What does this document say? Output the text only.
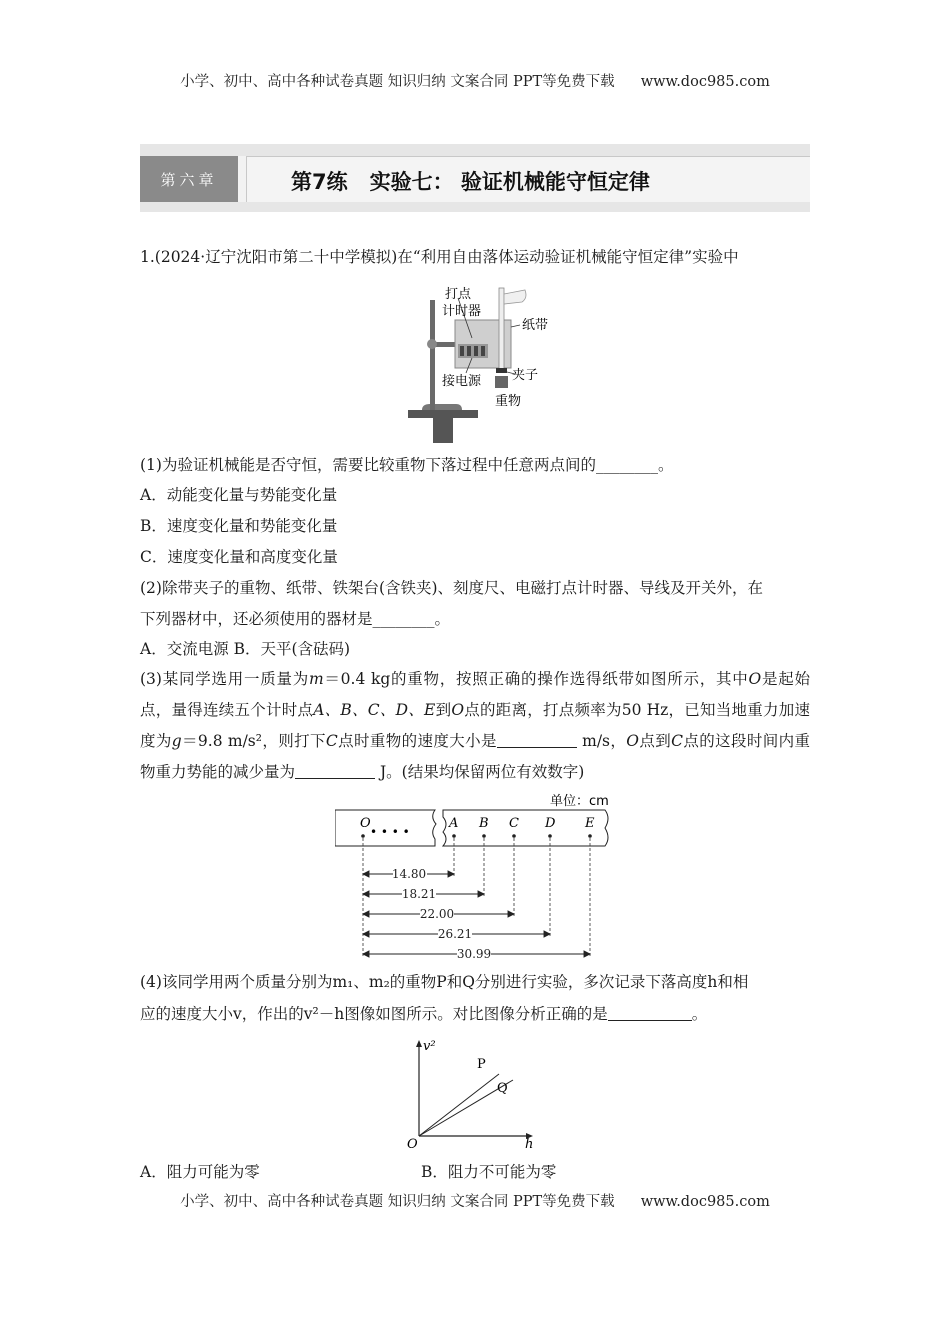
小学、初中、高中各种试卷真题 知识归纳 文案合同 PPT等免费下载 www.doc985.com
第六章	第7练 实验七： 验证机械能守恒定律
1.(2024·辽宁沈阳市第二十中学模拟)在“利用自由落体运动验证机械能守恒定律”实验中
打点
计时器
纸带
接电源 夹子
重物
(1)为验证机械能是否守恒，需要比较重物下落过程中任意两点间的________。
A．动能变化量与势能变化量
B．速度变化量和势能变化量
C．速度变化量和高度变化量
(2)除带夹子的重物、纸带、铁架台(含铁夹)、刻度尺、电磁打点计时器、导线及开关外，在
下列器材中，还必须使用的器材是________。
A．交流电源 B．天平(含砝码)
(3)某同学选用一质量为m＝0.4 kg的重物，按照正确的操作选得纸带如图所示，其中O是起始点，量得连续五个计时点A、B、C、D、E到O点的距离，打点频率为50 Hz，已知当地重力加速度为g＝9.8 m/s²，则打下C点时重物的速度大小是	m/s，O点到C点的这段时间内重物重力势能的减少量为	J。(结果均保留两位有效数字)
单位：cm
O	A B C D E
• • • •
14.80
18.21
22.00
26.21
30.99
(4)该同学用两个质量分别为m₁、m₂的重物P和Q分别进行实验，多次记录下落高度h和相
应的速度大小v，作出的v²－h图像如图所示。对比图像分析正确的是	。
v²
h
O
P
Q
A．阻力可能为零	B．阻力不可能为零
小学、初中、高中各种试卷真题 知识归纳 文案合同 PPT等免费下载 www.doc985.com
